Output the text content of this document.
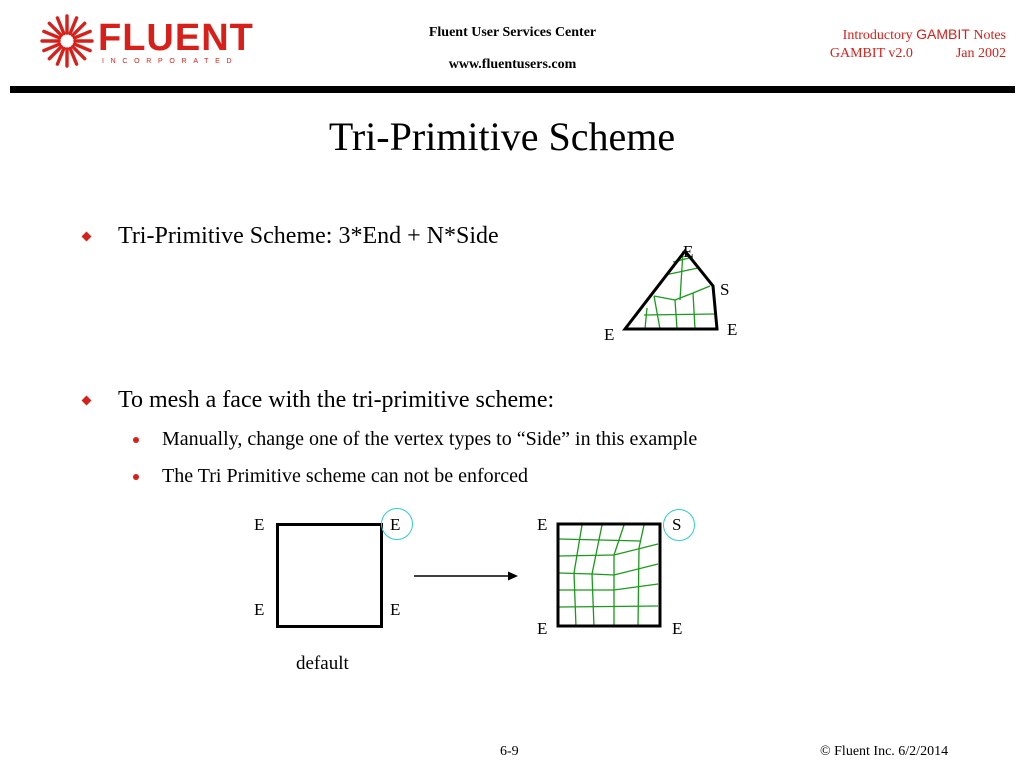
FLUENT
INCORPORATED
Fluent User Services Center
www.fluentusers.com
Introductory GAMBIT Notes
GAMBIT v2.0	Jan 2002
Tri-Primitive Scheme
Tri-Primitive Scheme: 3*End + N*Side
To mesh a face with the tri-primitive scheme:
Manually, change one of the vertex types to “Side” in this example
The Tri Primitive scheme can not be enforced
E
S
E
E
E	E
E	E
default
E	S
E	E
6-9	© Fluent Inc. 6/2/2014
